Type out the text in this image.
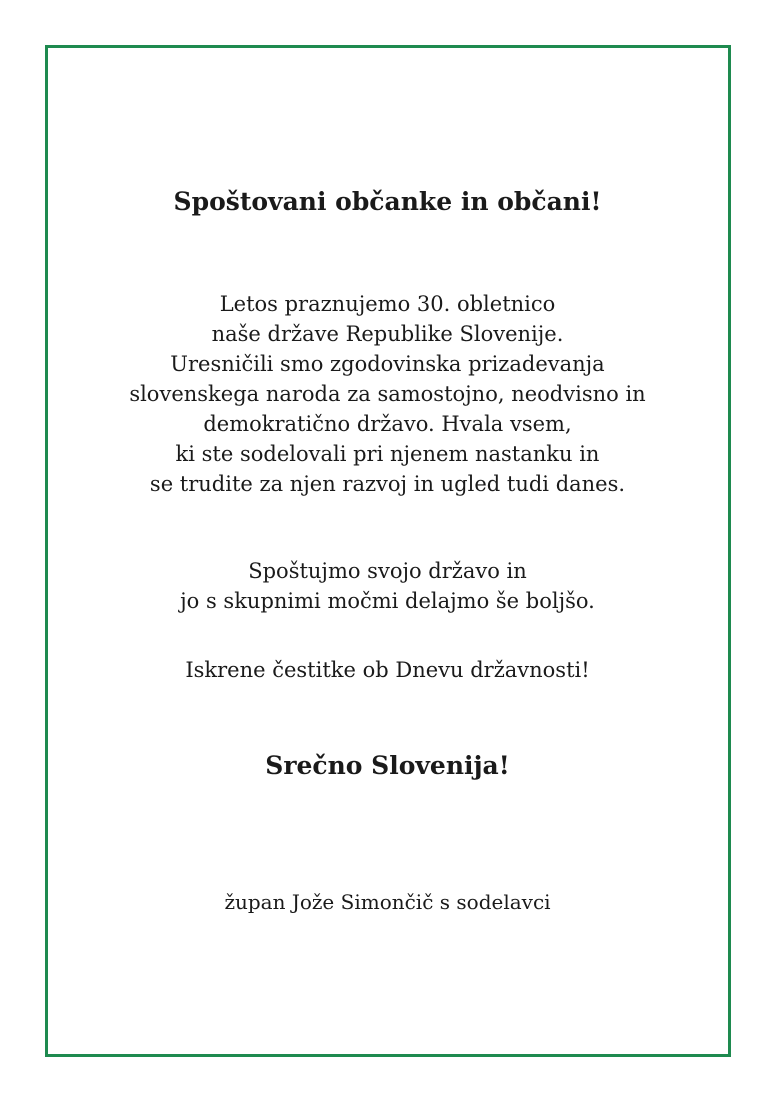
Spoštovani občanke in občani!
Letos praznujemo 30. obletnico
naše države Republike Slovenije.
Uresničili smo zgodovinska prizadevanja
slovenskega naroda za samostojno, neodvisno in
demokratično državo. Hvala vsem,
ki ste sodelovali pri njenem nastanku in
se trudite za njen razvoj in ugled tudi danes.
Spoštujmo svojo državo in
jo s skupnimi močmi delajmo še boljšo.
Iskrene čestitke ob Dnevu državnosti!
Srečno Slovenija!
župan Jože Simončič s sodelavci
